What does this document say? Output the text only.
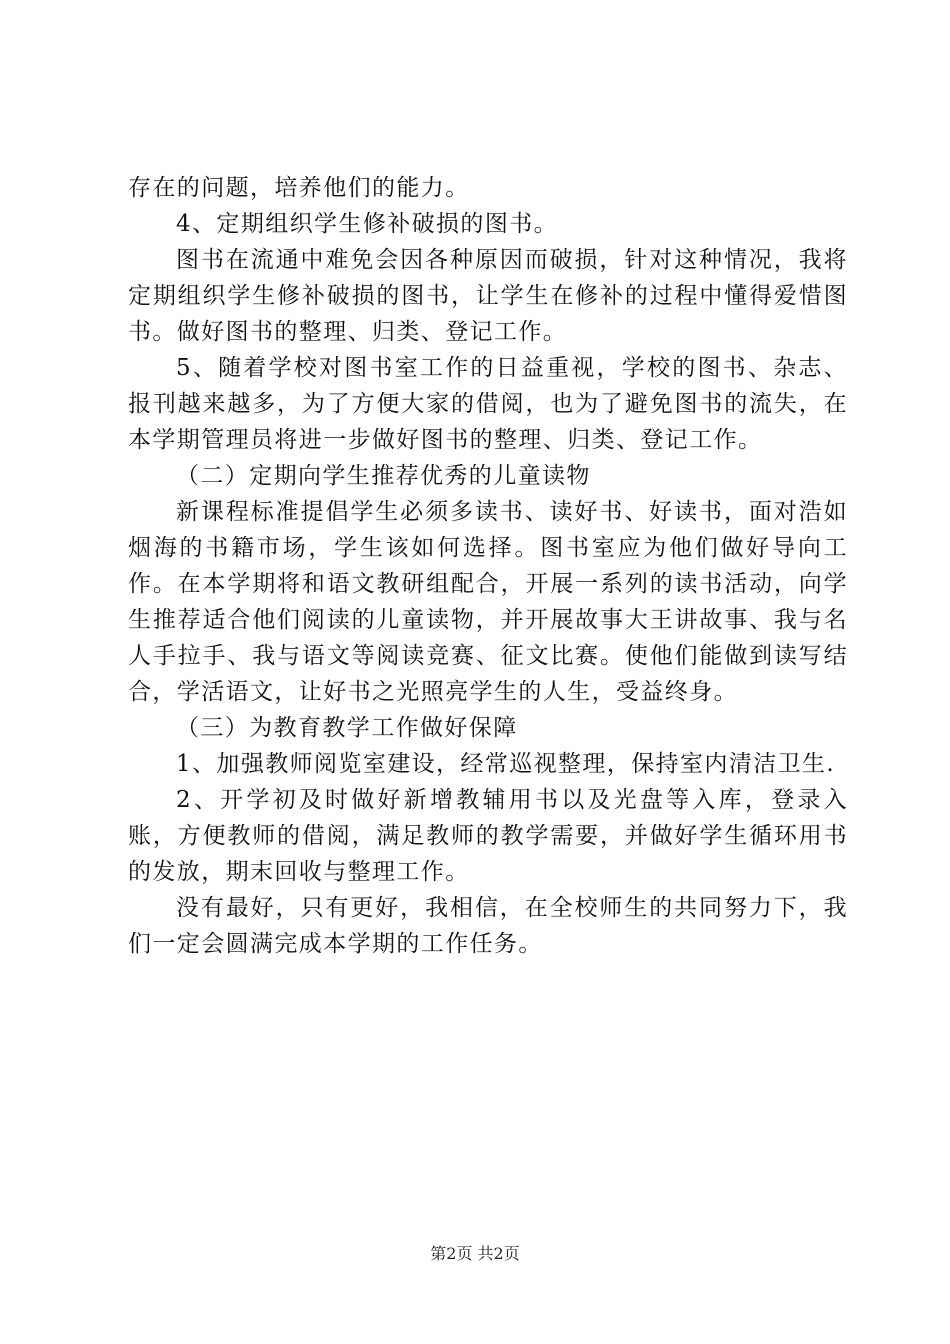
存在的问题，培养他们的能力。

4、定期组织学生修补破损的图书。

图书在流通中难免会因各种原因而破损，针对这种情况，我将定期组织学生修补破损的图书，让学生在修补的过程中懂得爱惜图书。做好图书的整理、归类、登记工作。

5、随着学校对图书室工作的日益重视，学校的图书、杂志、报刊越来越多，为了方便大家的借阅，也为了避免图书的流失，在本学期管理员将进一步做好图书的整理、归类、登记工作。

（二）定期向学生推荐优秀的儿童读物

新课程标准提倡学生必须多读书、读好书、好读书，面对浩如烟海的书籍市场，学生该如何选择。图书室应为他们做好导向工作。在本学期将和语文教研组配合，开展一系列的读书活动，向学生推荐适合他们阅读的儿童读物，并开展故事大王讲故事、我与名人手拉手、我与语文等阅读竞赛、征文比赛。使他们能做到读写结合，学活语文，让好书之光照亮学生的人生，受益终身。

（三）为教育教学工作做好保障

1、加强教师阅览室建设，经常巡视整理，保持室内清洁卫生.

2、开学初及时做好新增教辅用书以及光盘等入库，登录入账，方便教师的借阅，满足教师的教学需要，并做好学生循环用书的发放，期末回收与整理工作。

没有最好，只有更好，我相信，在全校师生的共同努力下，我们一定会圆满完成本学期的工作任务。

第2页 共2页
